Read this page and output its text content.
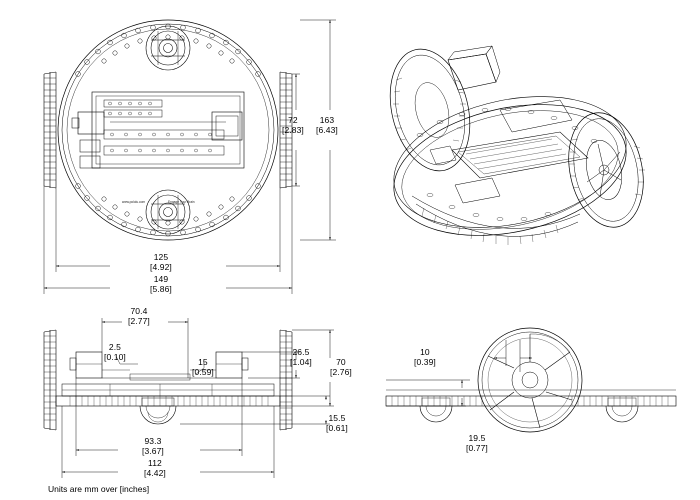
72
[2.83]
163
[6.43]
125
[4.92]
149
[5.86]
70.4
[2.77]
2.5
[0.10]
15
[0.59]
26.5
[1.04]	70
[2.76]
15.5
[0.61]
93.3
[3.67]
112
[4.42]
10
[0.39]
19.5
[0.77]
www.pololu.com	Engage Your Brain
Units are mm over [inches]
